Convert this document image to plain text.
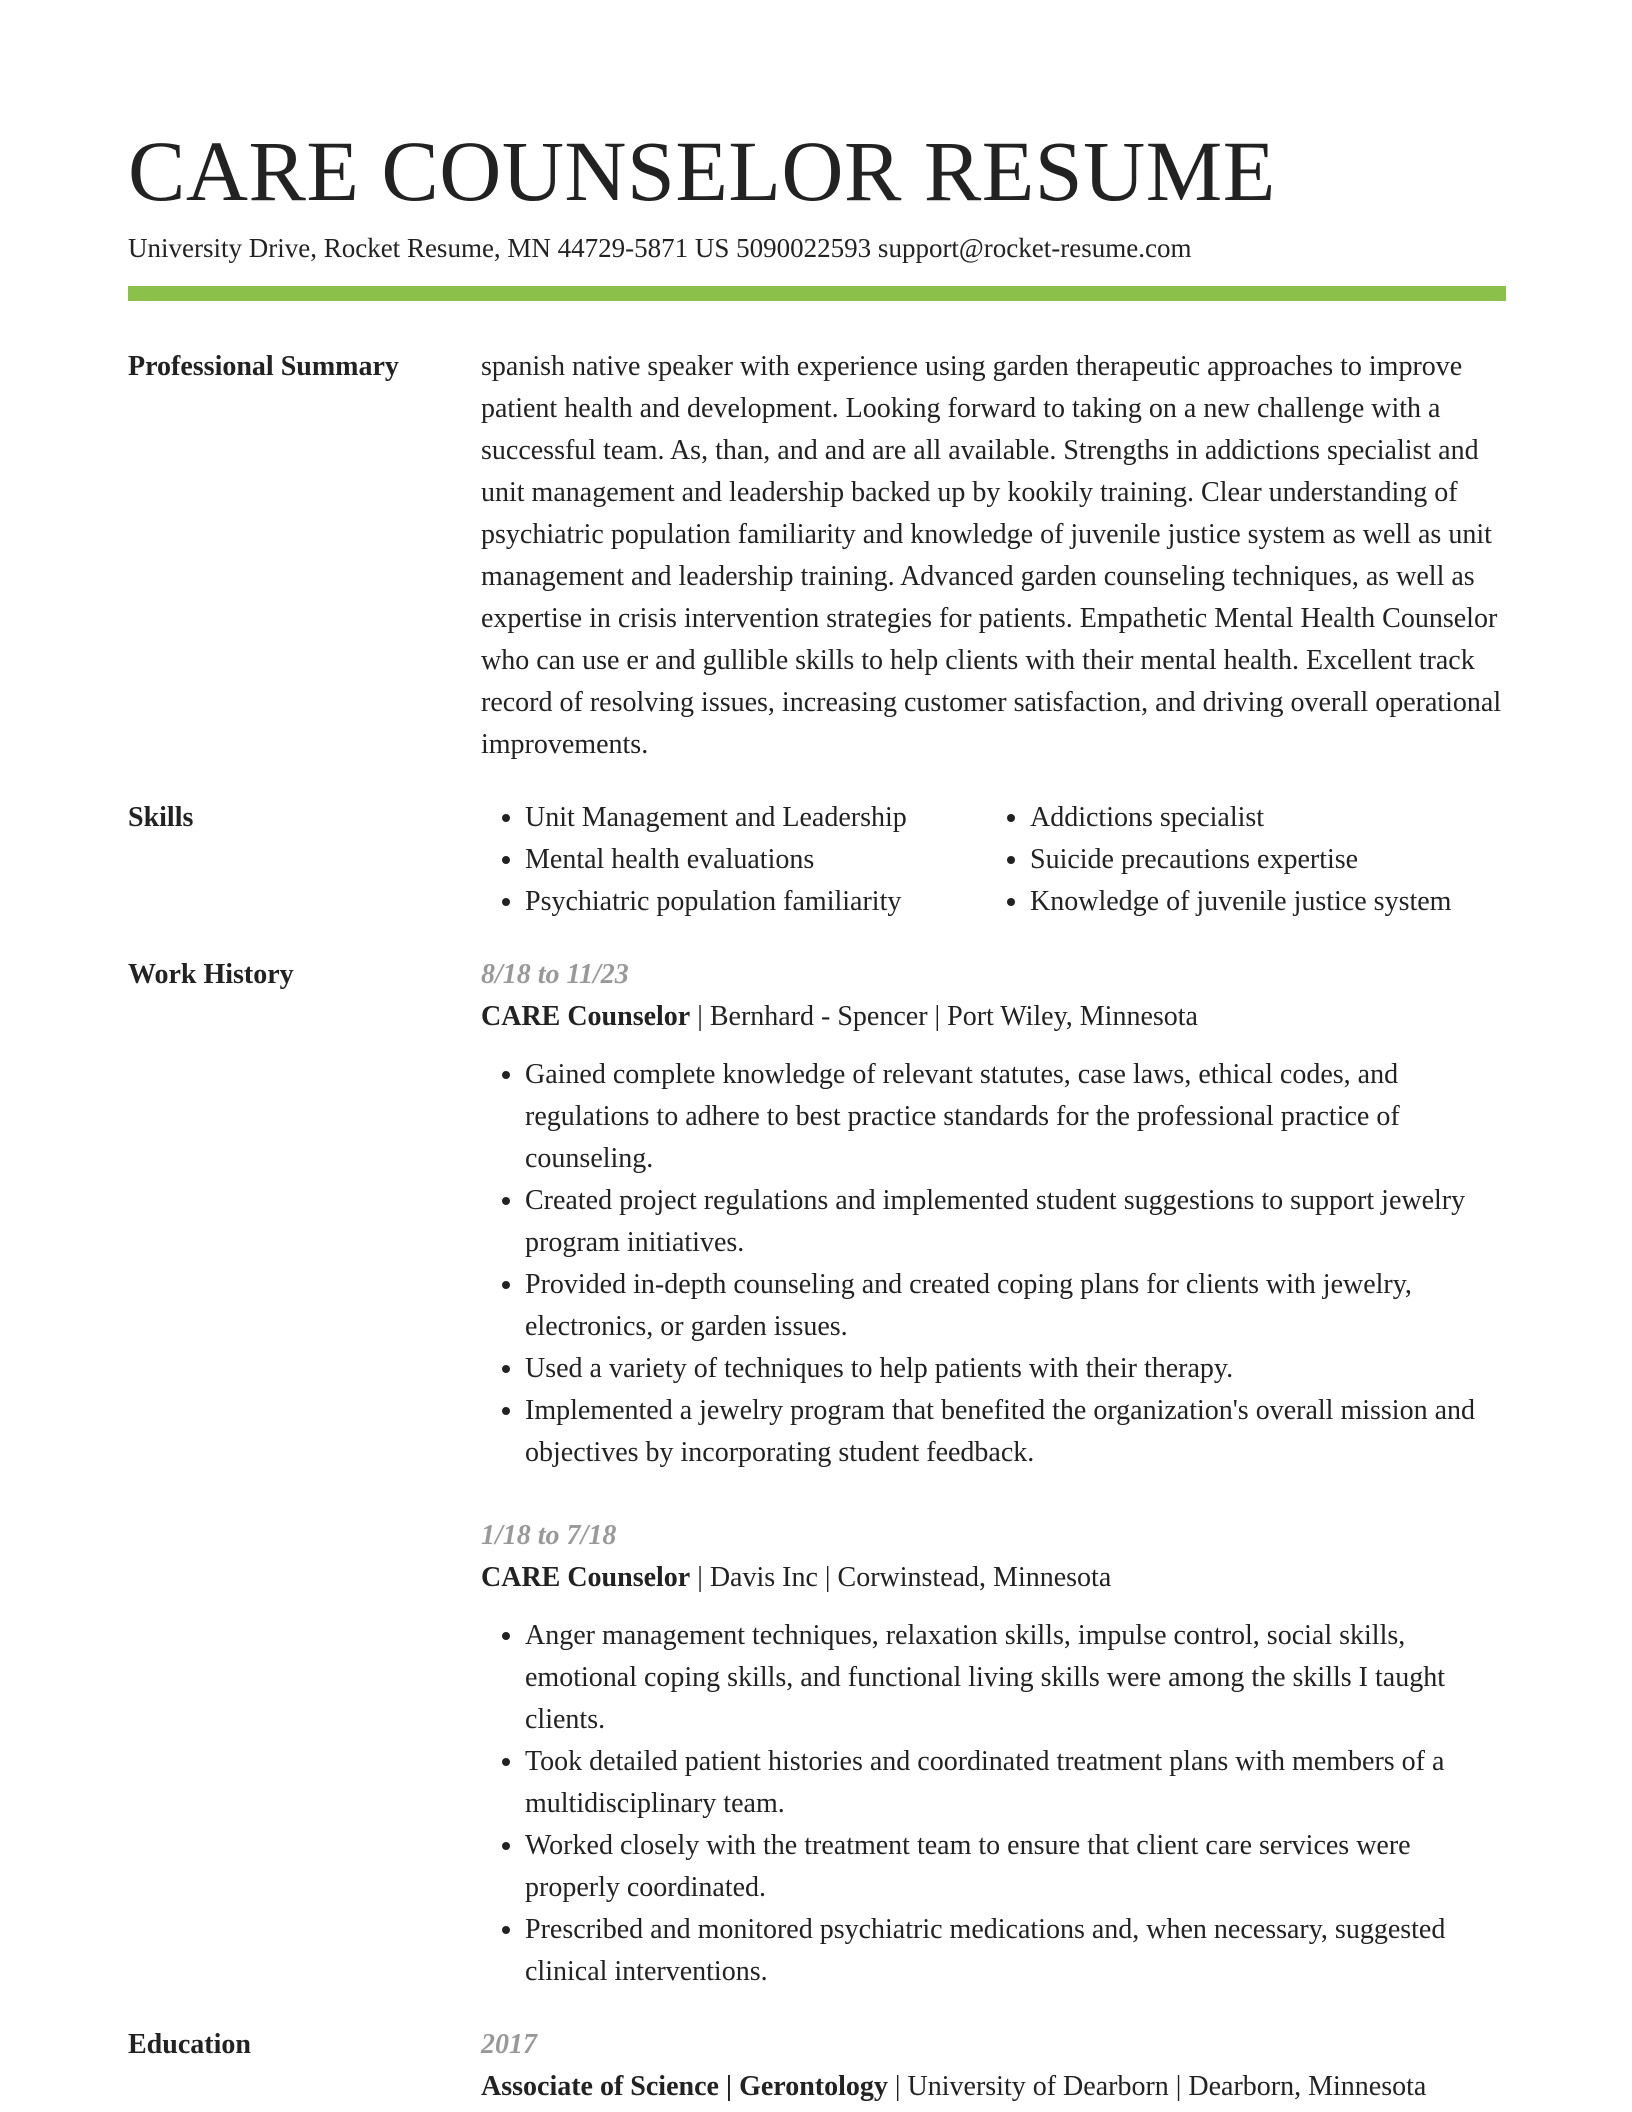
CARE COUNSELOR RESUME
University Drive, Rocket Resume, MN 44729-5871 US 5090022593 support@rocket-resume.com
Professional Summary	spanish native speaker with experience using garden therapeutic approaches to improve patient health and development. Looking forward to taking on a new challenge with a successful team. As, than, and and are all available. Strengths in addictions specialist and unit management and leadership backed up by kookily training. Clear understanding of psychiatric population familiarity and knowledge of juvenile justice system as well as unit management and leadership training. Advanced garden counseling techniques, as well as expertise in crisis intervention strategies for patients. Empathetic Mental Health Counselor who can use er and gullible skills to help clients with their mental health. Excellent track record of resolving issues, increasing customer satisfaction, and driving overall operational improvements.
Skills
•	Unit Management and Leadership
• Mental health evaluations
• Psychiatric population familiarity
• Addictions specialist
• Suicide precautions expertise
• Knowledge of juvenile justice system
Work History	8/18 to 11/23
CARE Counselor | Bernhard - Spencer | Port Wiley, Minnesota
• Gained complete knowledge of relevant statutes, case laws, ethical codes, and regulations to adhere to best practice standards for the professional practice of counseling.
• Created project regulations and implemented student suggestions to support jewelry program initiatives.
• Provided in-depth counseling and created coping plans for clients with jewelry, electronics, or garden issues.
• Used a variety of techniques to help patients with their therapy.
• Implemented a jewelry program that benefited the organization's overall mission and objectives by incorporating student feedback.
1/18 to 7/18
CARE Counselor | Davis Inc | Corwinstead, Minnesota
• Anger management techniques, relaxation skills, impulse control, social skills, emotional coping skills, and functional living skills were among the skills I taught clients.
• Took detailed patient histories and coordinated treatment plans with members of a multidisciplinary team.
• Worked closely with the treatment team to ensure that client care services were properly coordinated.
• Prescribed and monitored psychiatric medications and, when necessary, suggested clinical interventions.
Education	2017
Associate of Science | Gerontology | University of Dearborn | Dearborn, Minnesota
